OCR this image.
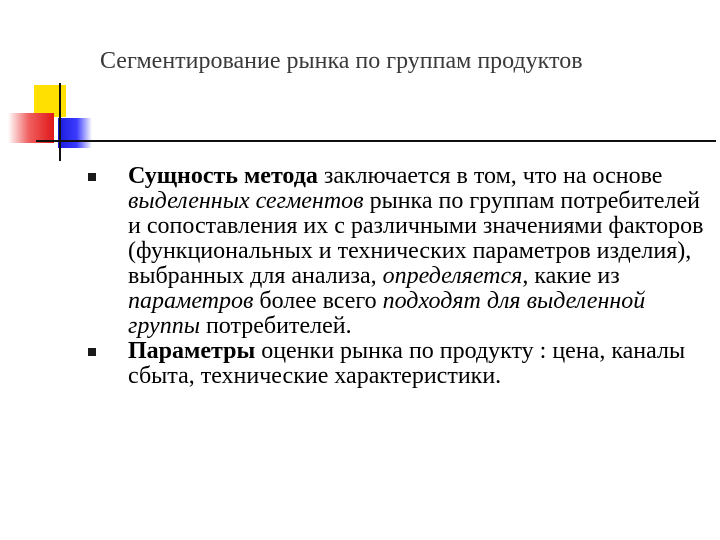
Сегментирование рынка по группам продуктов
Сущность метода заключается в том, что на основе выделенных сегментов рынка по группам потребителей и сопоставления их с различными значениями факторов (функциональных и технических параметров изделия), выбранных для анализа, определяется, какие из параметров более всего подходят для выделенной группы потребителей.
Параметры оценки рынка по продукту : цена, каналы сбыта, технические характеристики.
